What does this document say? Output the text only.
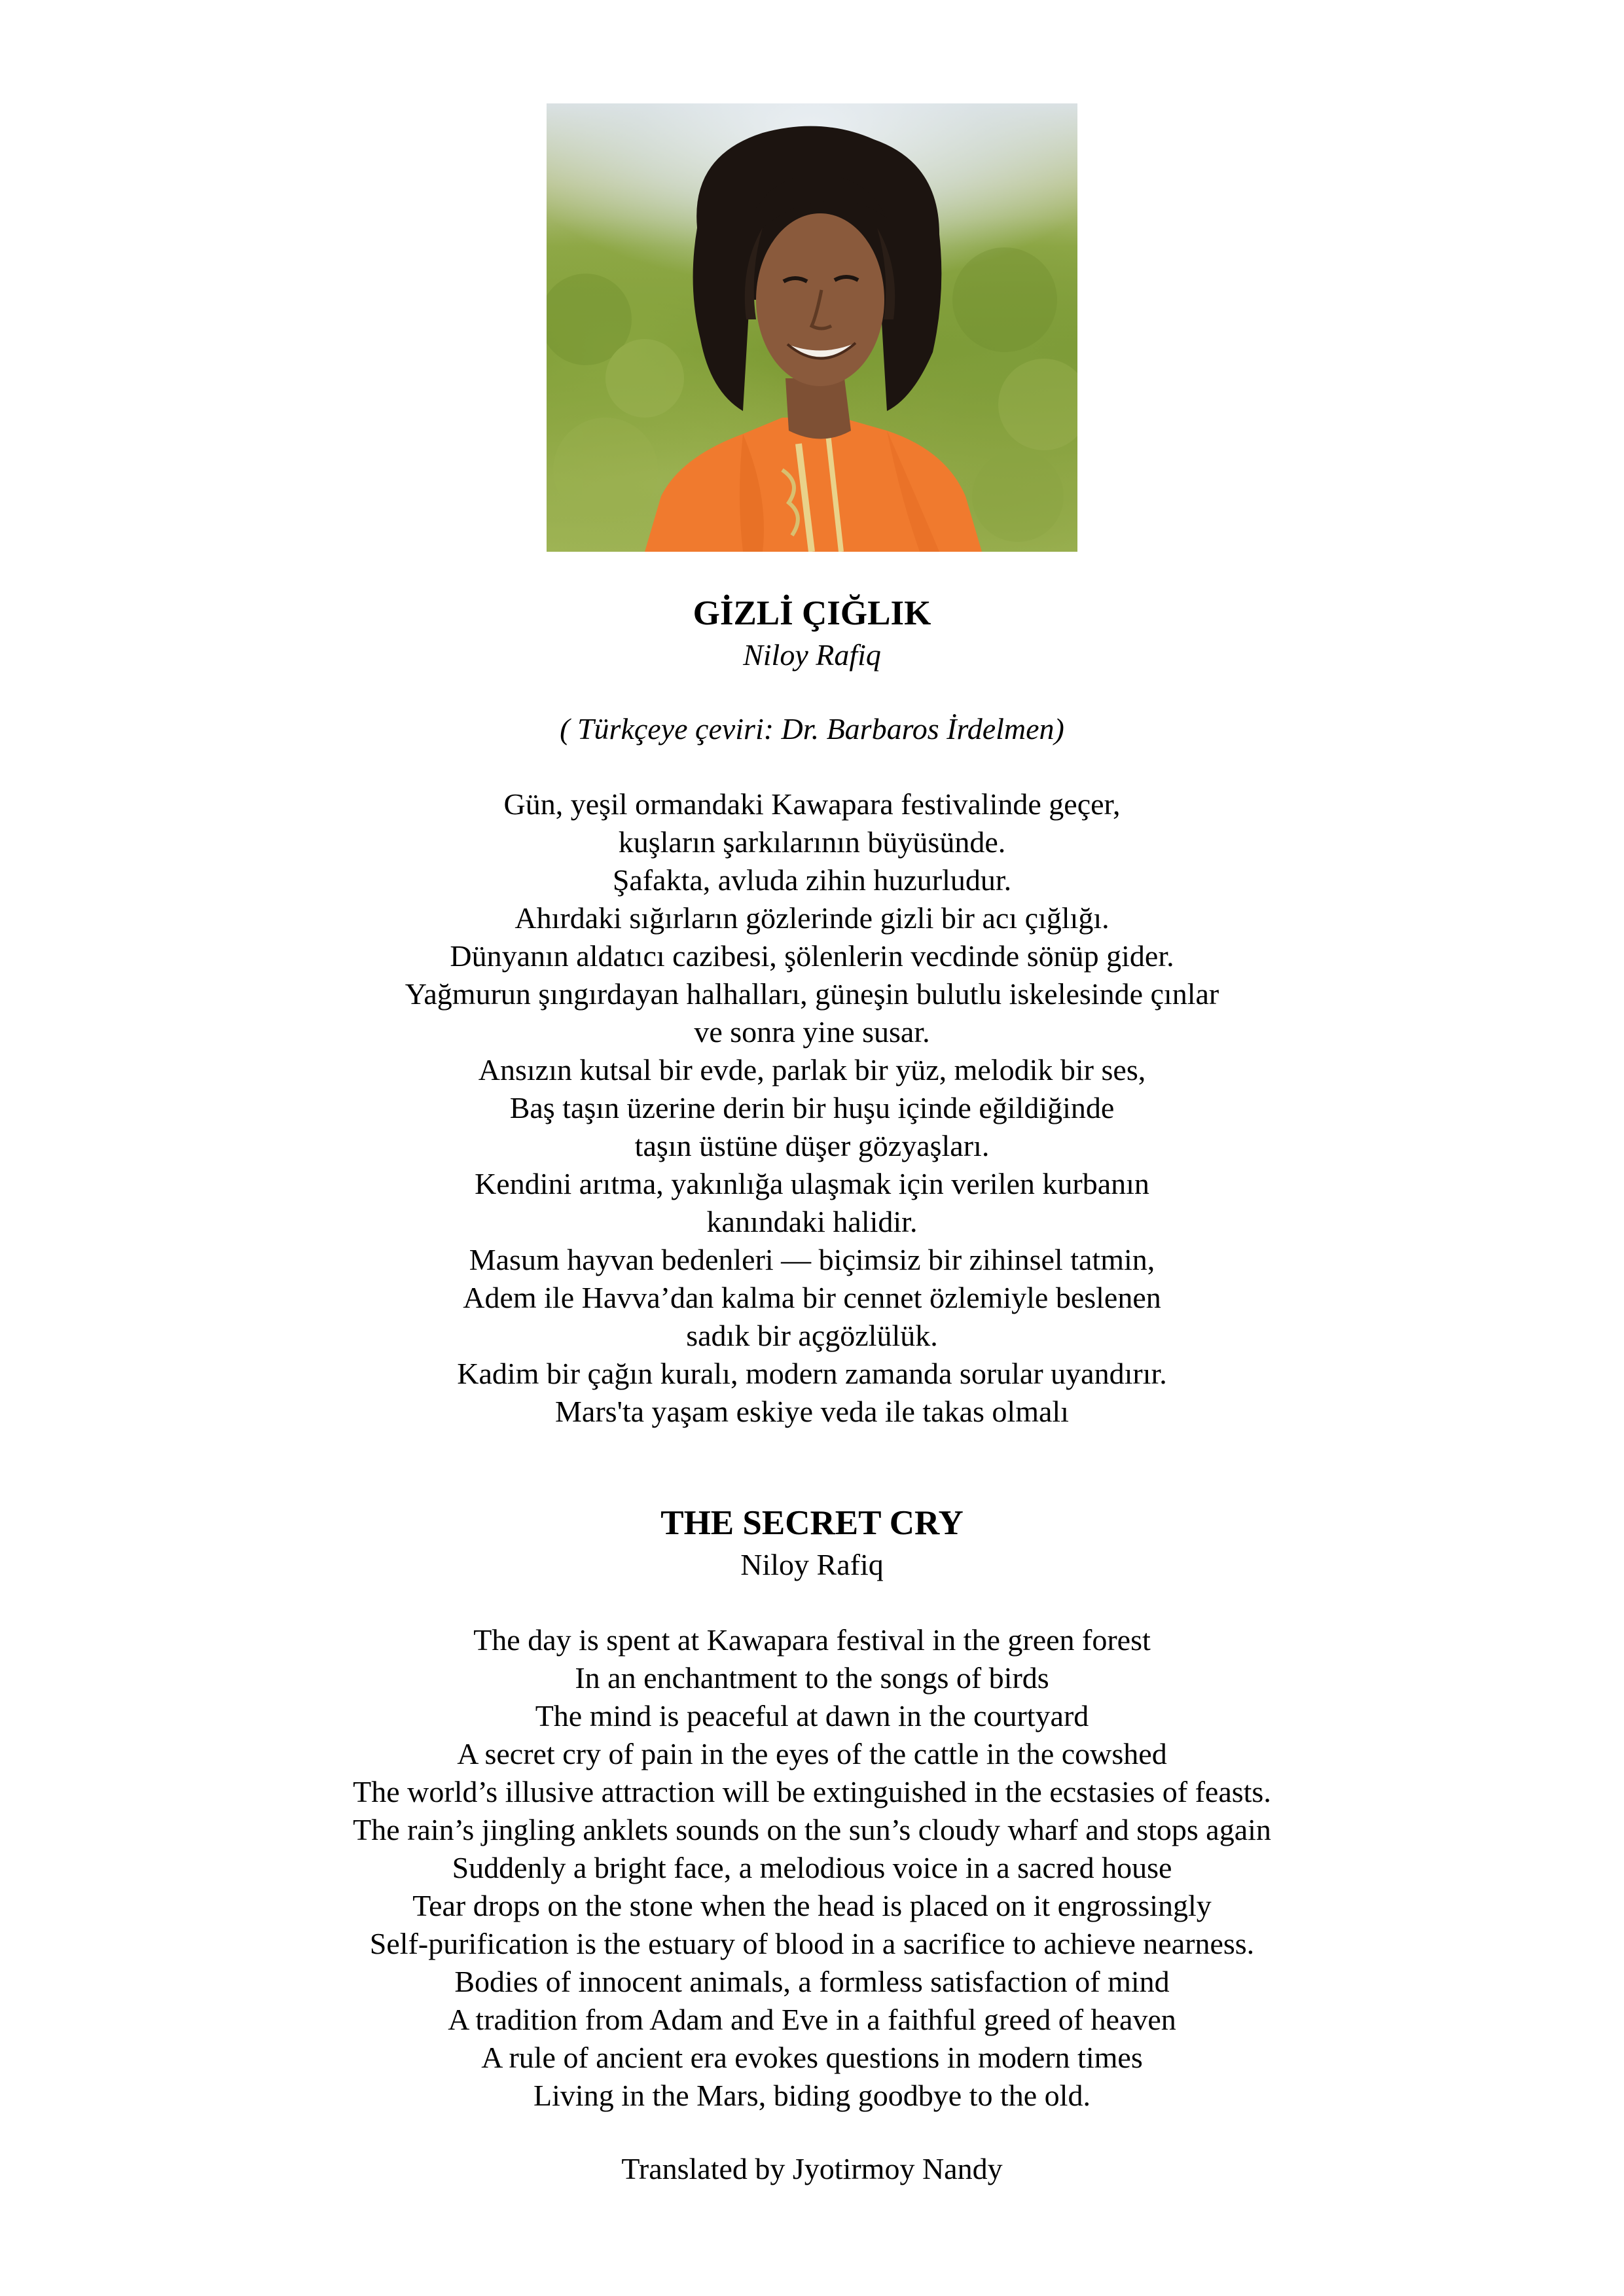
GİZLİ ÇIĞLIK
Niloy Rafiq
( Türkçeye çeviri: Dr. Barbaros İrdelmen)
Gün, yeşil ormandaki Kawapara festivalinde geçer,
kuşların şarkılarının büyüsünde.
Şafakta, avluda zihin huzurludur.
Ahırdaki sığırların gözlerinde gizli bir acı çığlığı.
Dünyanın aldatıcı cazibesi, şölenlerin vecdinde sönüp gider.
Yağmurun şıngırdayan halhalları, güneşin bulutlu iskelesinde çınlar
ve sonra yine susar.
Ansızın kutsal bir evde, parlak bir yüz, melodik bir ses,
Baş taşın üzerine derin bir huşu içinde eğildiğinde
taşın üstüne düşer gözyaşları.
Kendini arıtma, yakınlığa ulaşmak için verilen kurbanın
kanındaki halidir.
Masum hayvan bedenleri — biçimsiz bir zihinsel tatmin,
Adem ile Havva’dan kalma bir cennet özlemiyle beslenen
sadık bir açgözlülük.
Kadim bir çağın kuralı, modern zamanda sorular uyandırır.
Mars'ta yaşam eskiye veda ile takas olmalı
THE SECRET CRY
Niloy Rafiq
The day is spent at Kawapara festival in the green forest
In an enchantment to the songs of birds
The mind is peaceful at dawn in the courtyard
A secret cry of pain in the eyes of the cattle in the cowshed
The world’s illusive attraction will be extinguished in the ecstasies of feasts.
The rain’s jingling anklets sounds on the sun’s cloudy wharf and stops again
Suddenly a bright face, a melodious voice in a sacred house
Tear drops on the stone when the head is placed on it engrossingly
Self-purification is the estuary of blood in a sacrifice to achieve nearness.
Bodies of innocent animals, a formless satisfaction of mind
A tradition from Adam and Eve in a faithful greed of heaven
A rule of ancient era evokes questions in modern times
Living in the Mars, biding goodbye to the old.
Translated by Jyotirmoy Nandy
